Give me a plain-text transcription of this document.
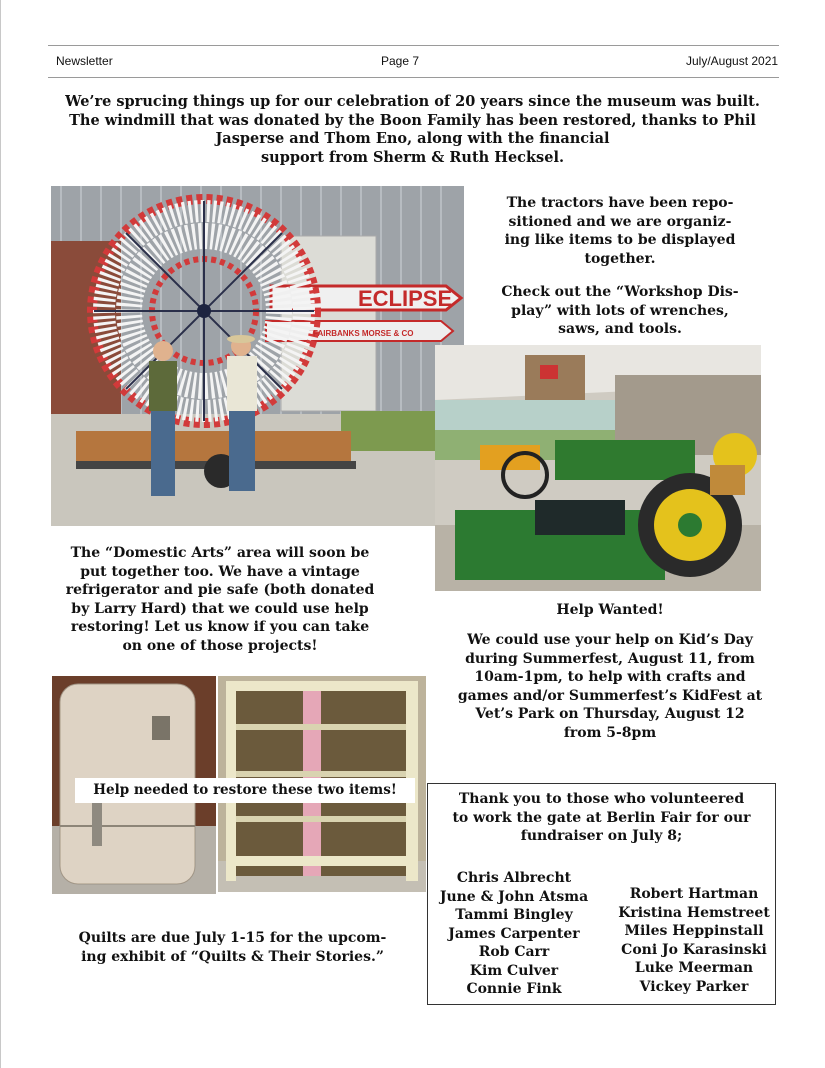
Newsletter	Page 7	July/August 2021
We’re sprucing things up for our celebration of 20 years since the museum was built.
The windmill that was donated by the Boon Family has been restored, thanks to Phil
Jasperse and Thom Eno, along with the financial
support from Sherm & Ruth Hecksel.
ECLIPSE
FAIRBANKS MORSE & CO
The tractors have been repo-
sitioned and we are organiz-
ing like items to be displayed
together.
Check out the “Workshop Dis-
play” with lots of wrenches,
saws, and tools.
The “Domestic Arts” area will soon be
put together too. We have a vintage
refrigerator and pie safe (both donated
by Larry Hard) that we could use help
restoring! Let us know if you can take
on one of those projects!
Help Wanted!
We could use your help on Kid’s Day
during Summerfest, August 11, from
10am-1pm, to help with crafts and
games and/or Summerfest’s KidFest at
Vet’s Park on Thursday, August 12
from 5-8pm
Help needed to restore these two items!
Quilts are due July 1-15 for the upcom-
ing exhibit of “Quilts & Their Stories.”
Thank you to those who volunteered
to work the gate at Berlin Fair for our
fundraiser on July 8;
Chris Albrecht
June & John Atsma
Tammi Bingley
James Carpenter
Rob Carr
Kim Culver
Connie Fink
Robert Hartman
Kristina Hemstreet
Miles Heppinstall
Coni Jo Karasinski
Luke Meerman
Vickey Parker
